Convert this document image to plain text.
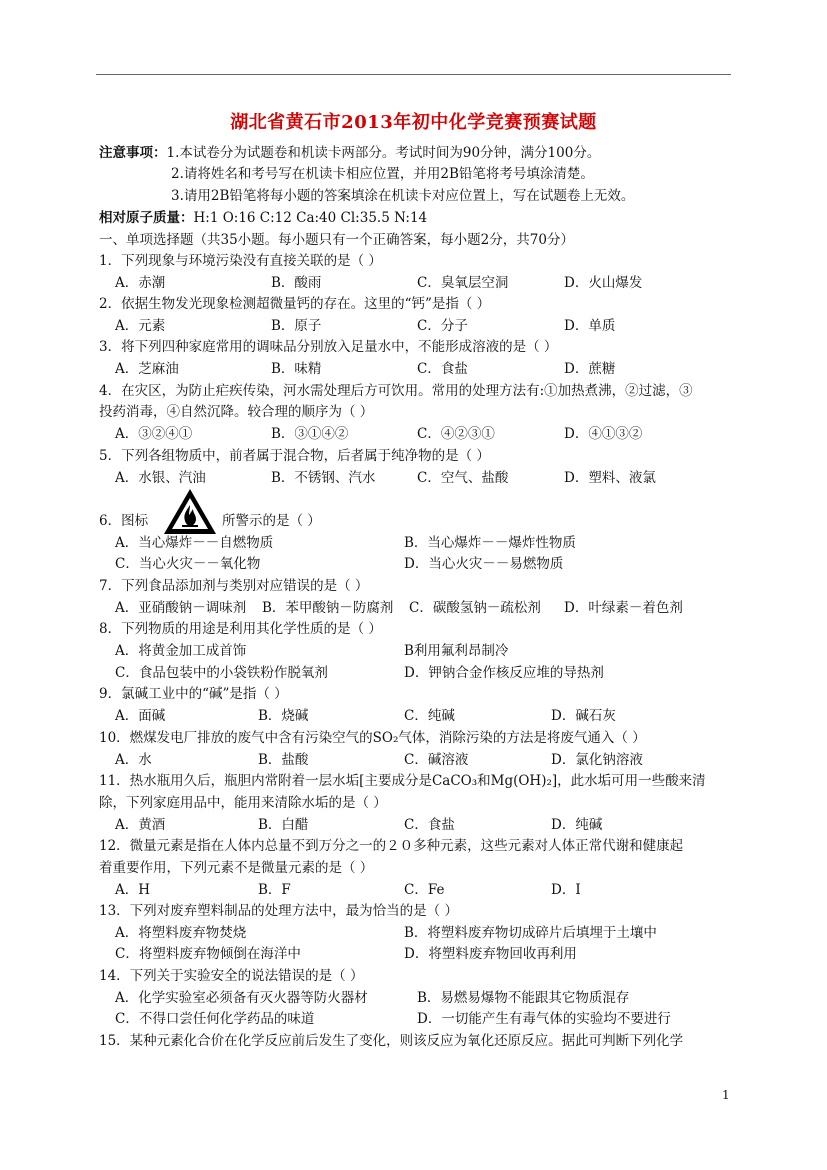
湖北省黄石市2013年初中化学竞赛预赛试题
注意事项：1.本试卷分为试题卷和机读卡两部分。考试时间为90分钟，满分100分。
2.请将姓名和考号写在机读卡相应位置，并用2B铅笔将考号填涂清楚。
3.请用2B铅笔将每小题的答案填涂在机读卡对应位置上，写在试题卷上无效。
相对原子质量：H:1 O:16 C:12 Ca:40 Cl:35.5 N:14
一、单项选择题（共35小题。每小题只有一个正确答案，每小题2分，共70分）
1．下列现象与环境污染没有直接关联的是（ ）
A．赤潮	B．酸雨	C．臭氧层空洞	D．火山爆发
2．依据生物发光现象检测超微量钙的存在。这里的“钙”是指（ ）
A．元素	B．原子	C．分子	D．单质
3．将下列四种家庭常用的调味品分别放入足量水中，不能形成溶液的是（ ）
A．芝麻油	B．味精	C．食盐	D．蔗糖
4．在灾区，为防止疟疾传染，河水需处理后方可饮用。常用的处理方法有:①加热煮沸，②过滤，③
投药消毒，④自然沉降。较合理的顺序为（ ）
A．③②④①	B．③①④②	C．④②③①	D．④①③②
5．下列各组物质中，前者属于混合物，后者属于纯净物的是（ ）
A．水银、汽油	B．不锈钢、汽水	C．空气、盐酸	D．塑料、液氯
6．图标	所警示的是（ ）
A．当心爆炸－－自燃物质	B．当心爆炸－－爆炸性物质
C．当心火灾－－氧化物	D．当心火灾－－易燃物质
7．下列食品添加剂与类别对应错误的是（ ）
A．亚硝酸钠－调味剂 B．苯甲酸钠－防腐剂 C．碳酸氢钠－疏松剂 D．叶绿素－着色剂
8．下列物质的用途是利用其化学性质的是（ ）
A．将黄金加工成首饰	B利用氟利昂制冷
C．食品包装中的小袋铁粉作脱氧剂	D．钾钠合金作核反应堆的导热剂
9．氯碱工业中的“碱”是指（ ）
A．面碱	B．烧碱	C．纯碱	D．碱石灰
10．燃煤发电厂排放的废气中含有污染空气的SO₂气体，消除污染的方法是将废气通入（ ）
A．水	B．盐酸	C．碱溶液	D．氯化钠溶液
11．热水瓶用久后，瓶胆内常附着一层水垢[主要成分是CaCO₃和Mg(OH)₂]，此水垢可用一些酸来清
除，下列家庭用品中，能用来清除水垢的是（ ）
A．黄酒	B．白醋	C．食盐	D．纯碱
12．微量元素是指在人体内总量不到万分之一的２０多种元素，这些元素对人体正常代谢和健康起
着重要作用，下列元素不是微量元素的是（ ）
A．H	B．F	C．Fe	D．I
13．下列对废弃塑料制品的处理方法中，最为恰当的是（ ）
A．将塑料废弃物焚烧	B．将塑料废弃物切成碎片后填埋于土壤中
C．将塑料废弃物倾倒在海洋中	D．将塑料废弃物回收再利用
14．下列关于实验安全的说法错误的是（ ）
A．化学实验室必须备有灭火器等防火器材	B．易燃易爆物不能跟其它物质混存
C．不得口尝任何化学药品的味道	D．一切能产生有毒气体的实验均不要进行
15．某种元素化合价在化学反应前后发生了变化，则该反应为氧化还原反应。据此可判断下列化学
1
